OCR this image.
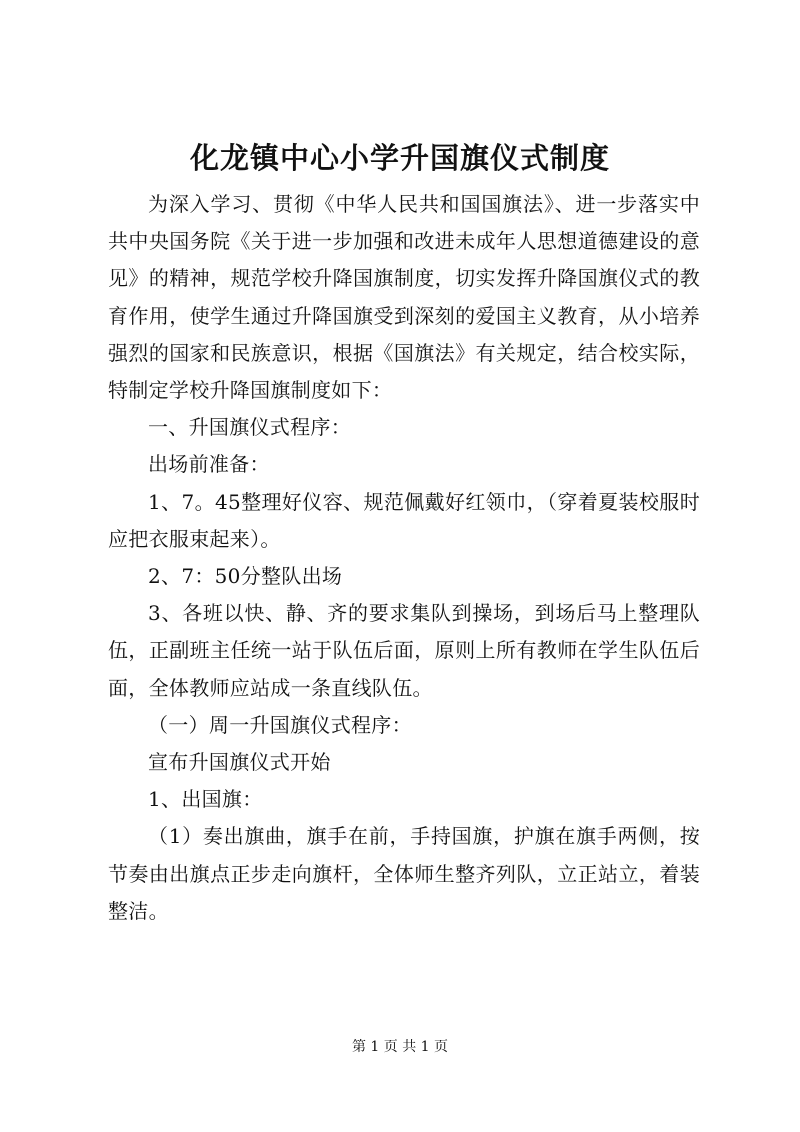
化龙镇中心小学升国旗仪式制度

为深入学习、贯彻《中华人民共和国国旗法》、进一步落实中共中央国务院《关于进一步加强和改进未成年人思想道德建设的意见》的精神，规范学校升降国旗制度，切实发挥升降国旗仪式的教育作用，使学生通过升降国旗受到深刻的爱国主义教育，从小培养强烈的国家和民族意识，根据《国旗法》有关规定，结合校实际，特制定学校升降国旗制度如下：

一、升国旗仪式程序：

出场前准备：

1、7。45整理好仪容、规范佩戴好红领巾，（穿着夏装校服时应把衣服束起来）。

2、7：50分整队出场

3、各班以快、静、齐的要求集队到操场，到场后马上整理队伍，正副班主任统一站于队伍后面，原则上所有教师在学生队伍后面，全体教师应站成一条直线队伍。

（一）周一升国旗仪式程序：

宣布升国旗仪式开始

1、出国旗：

（1）奏出旗曲，旗手在前，手持国旗，护旗在旗手两侧，按节奏由出旗点正步走向旗杆，全体师生整齐列队，立正站立，着装整洁。

第 1 页 共 1 页
